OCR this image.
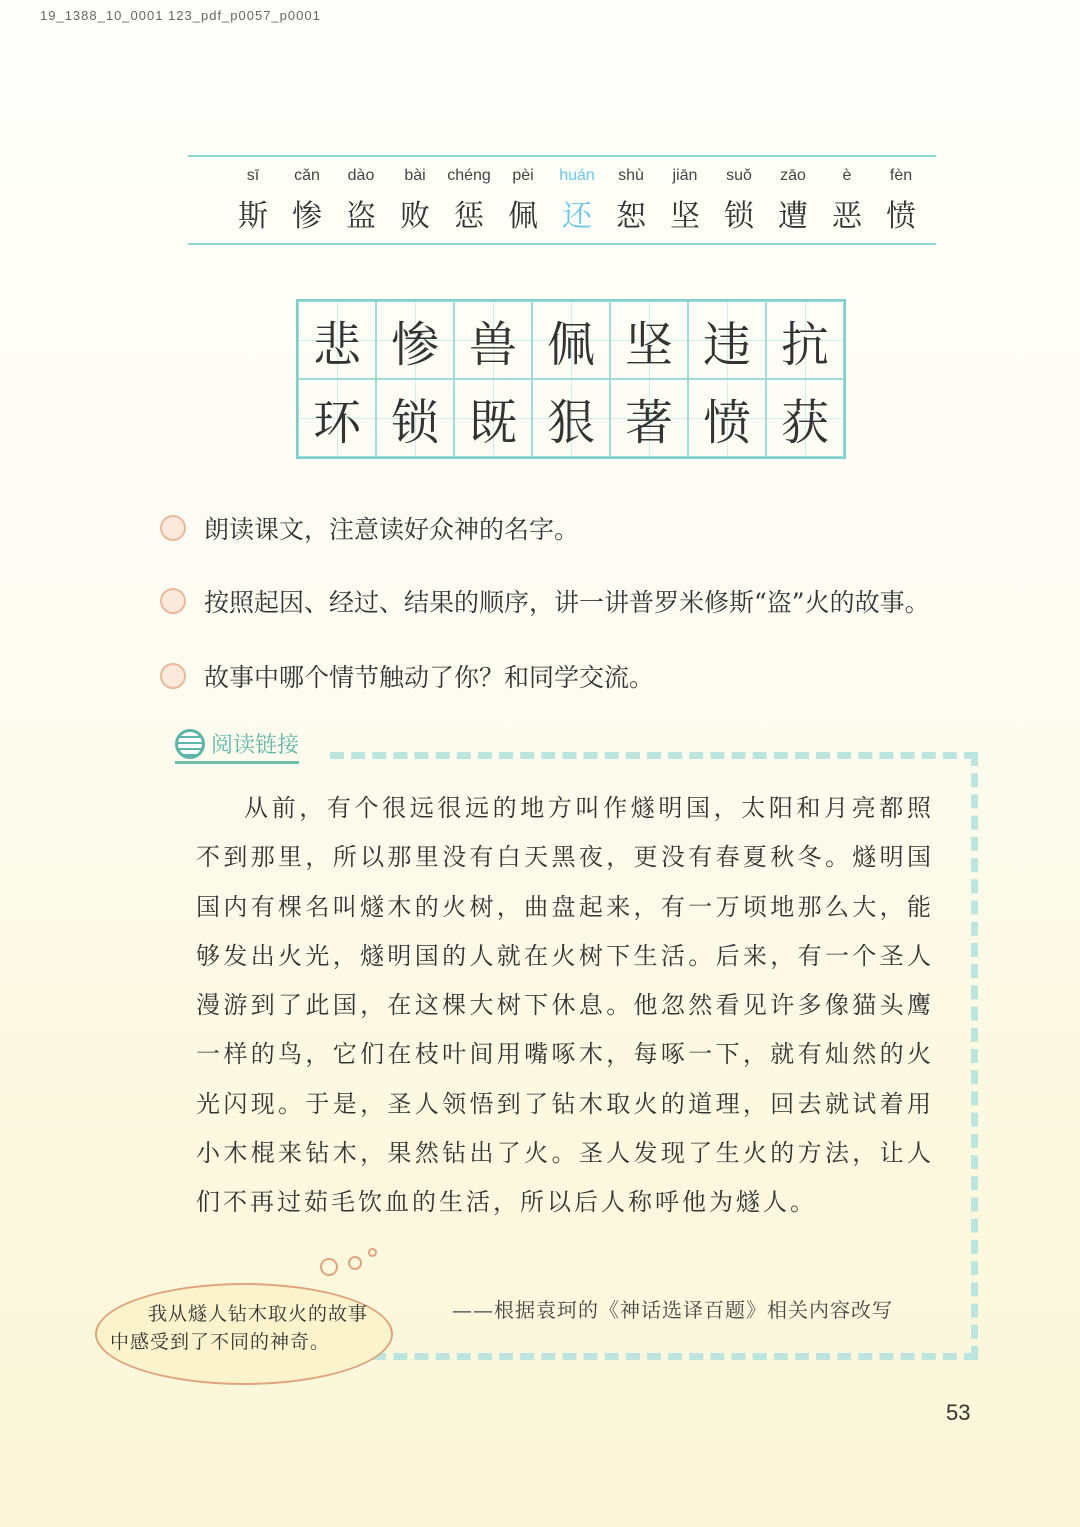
19_1388_10_0001 123_pdf_p0057_p0001
sī
斯
cǎn
惨
dào
盗
bài
败
chéng
惩
pèi
佩
huán
还
shù
恕
jiān
坚
suǒ
锁
zāo
遭
è
恶
fèn
愤
悲 惨 兽 佩 坚 违 抗
环 锁 既 狠 著 愤 获
朗读课文，注意读好众神的名字。
按照起因、经过、结果的顺序，讲一讲普罗米修斯“盗”火的故事。
故事中哪个情节触动了你？和同学交流。
阅读链接
从前，有个很远很远的地方叫作燧明国，太阳和月亮都照不到那里，所以那里没有白天黑夜，更没有春夏秋冬。燧明国国内有棵名叫燧木的火树，曲盘起来，有一万顷地那么大，能够发出火光，燧明国的人就在火树下生活。后来，有一个圣人漫游到了此国，在这棵大树下休息。他忽然看见许多像猫头鹰一样的鸟，它们在枝叶间用嘴啄木，每啄一下，就有灿然的火光闪现。于是，圣人领悟到了钻木取火的道理，回去就试着用小木棍来钻木，果然钻出了火。圣人发现了生火的方法，让人们不再过茹毛饮血的生活，所以后人称呼他为燧人。
——根据袁珂的《神话选译百题》相关内容改写
我从燧人钻木取火的故事中感受到了不同的神奇。
53
